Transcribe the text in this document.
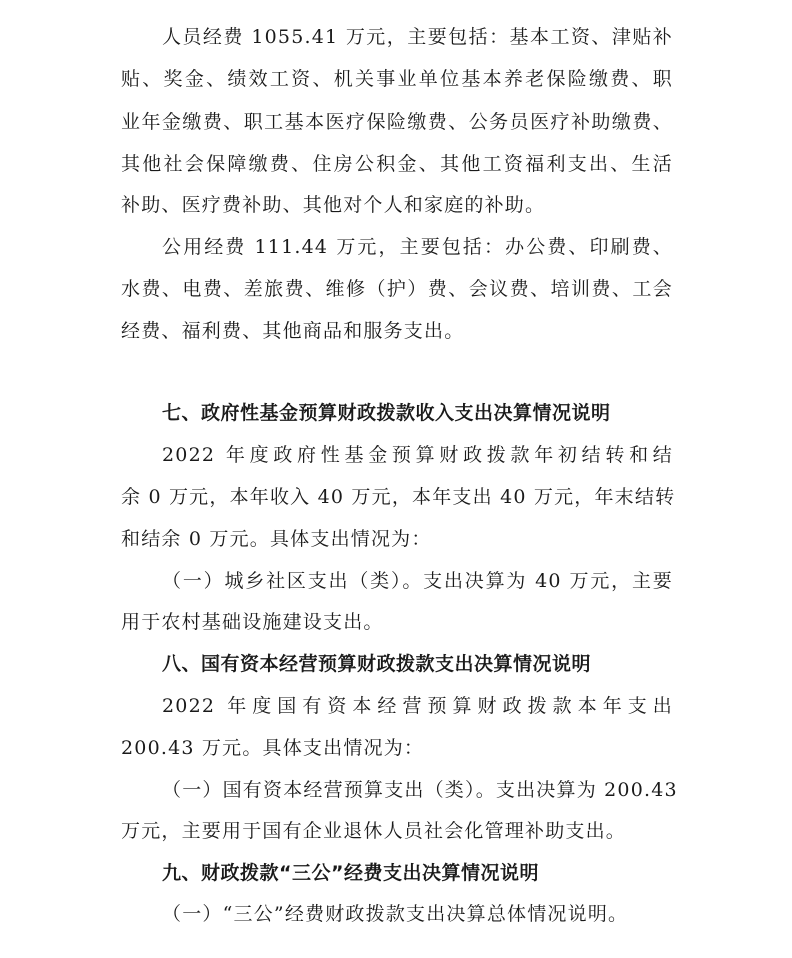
人员经费 1055.41 万元，主要包括：基本工资、津贴补
贴、奖金、绩效工资、机关事业单位基本养老保险缴费、职
业年金缴费、职工基本医疗保险缴费、公务员医疗补助缴费、
其他社会保障缴费、住房公积金、其他工资福利支出、生活
补助、医疗费补助、其他对个人和家庭的补助。
公用经费 111.44 万元，主要包括：办公费、印刷费、
水费、电费、差旅费、维修（护）费、会议费、培训费、工会
经费、福利费、其他商品和服务支出。
七、政府性基金预算财政拨款收入支出决算情况说明
2022 年度政府性基金预算财政拨款年初结转和结
余 0 万元，本年收入 40 万元，本年支出 40 万元，年末结转
和结余 0 万元。具体支出情况为：
（一）城乡社区支出（类）。支出决算为 40 万元，主要
用于农村基础设施建设支出。
八、国有资本经营预算财政拨款支出决算情况说明
2022 年度国有资本经营预算财政拨款本年支出
200.43 万元。具体支出情况为：
（一）国有资本经营预算支出（类）。支出决算为 200.43
万元，主要用于国有企业退休人员社会化管理补助支出。
九、财政拨款“三公”经费支出决算情况说明
（一）“三公”经费财政拨款支出决算总体情况说明。
